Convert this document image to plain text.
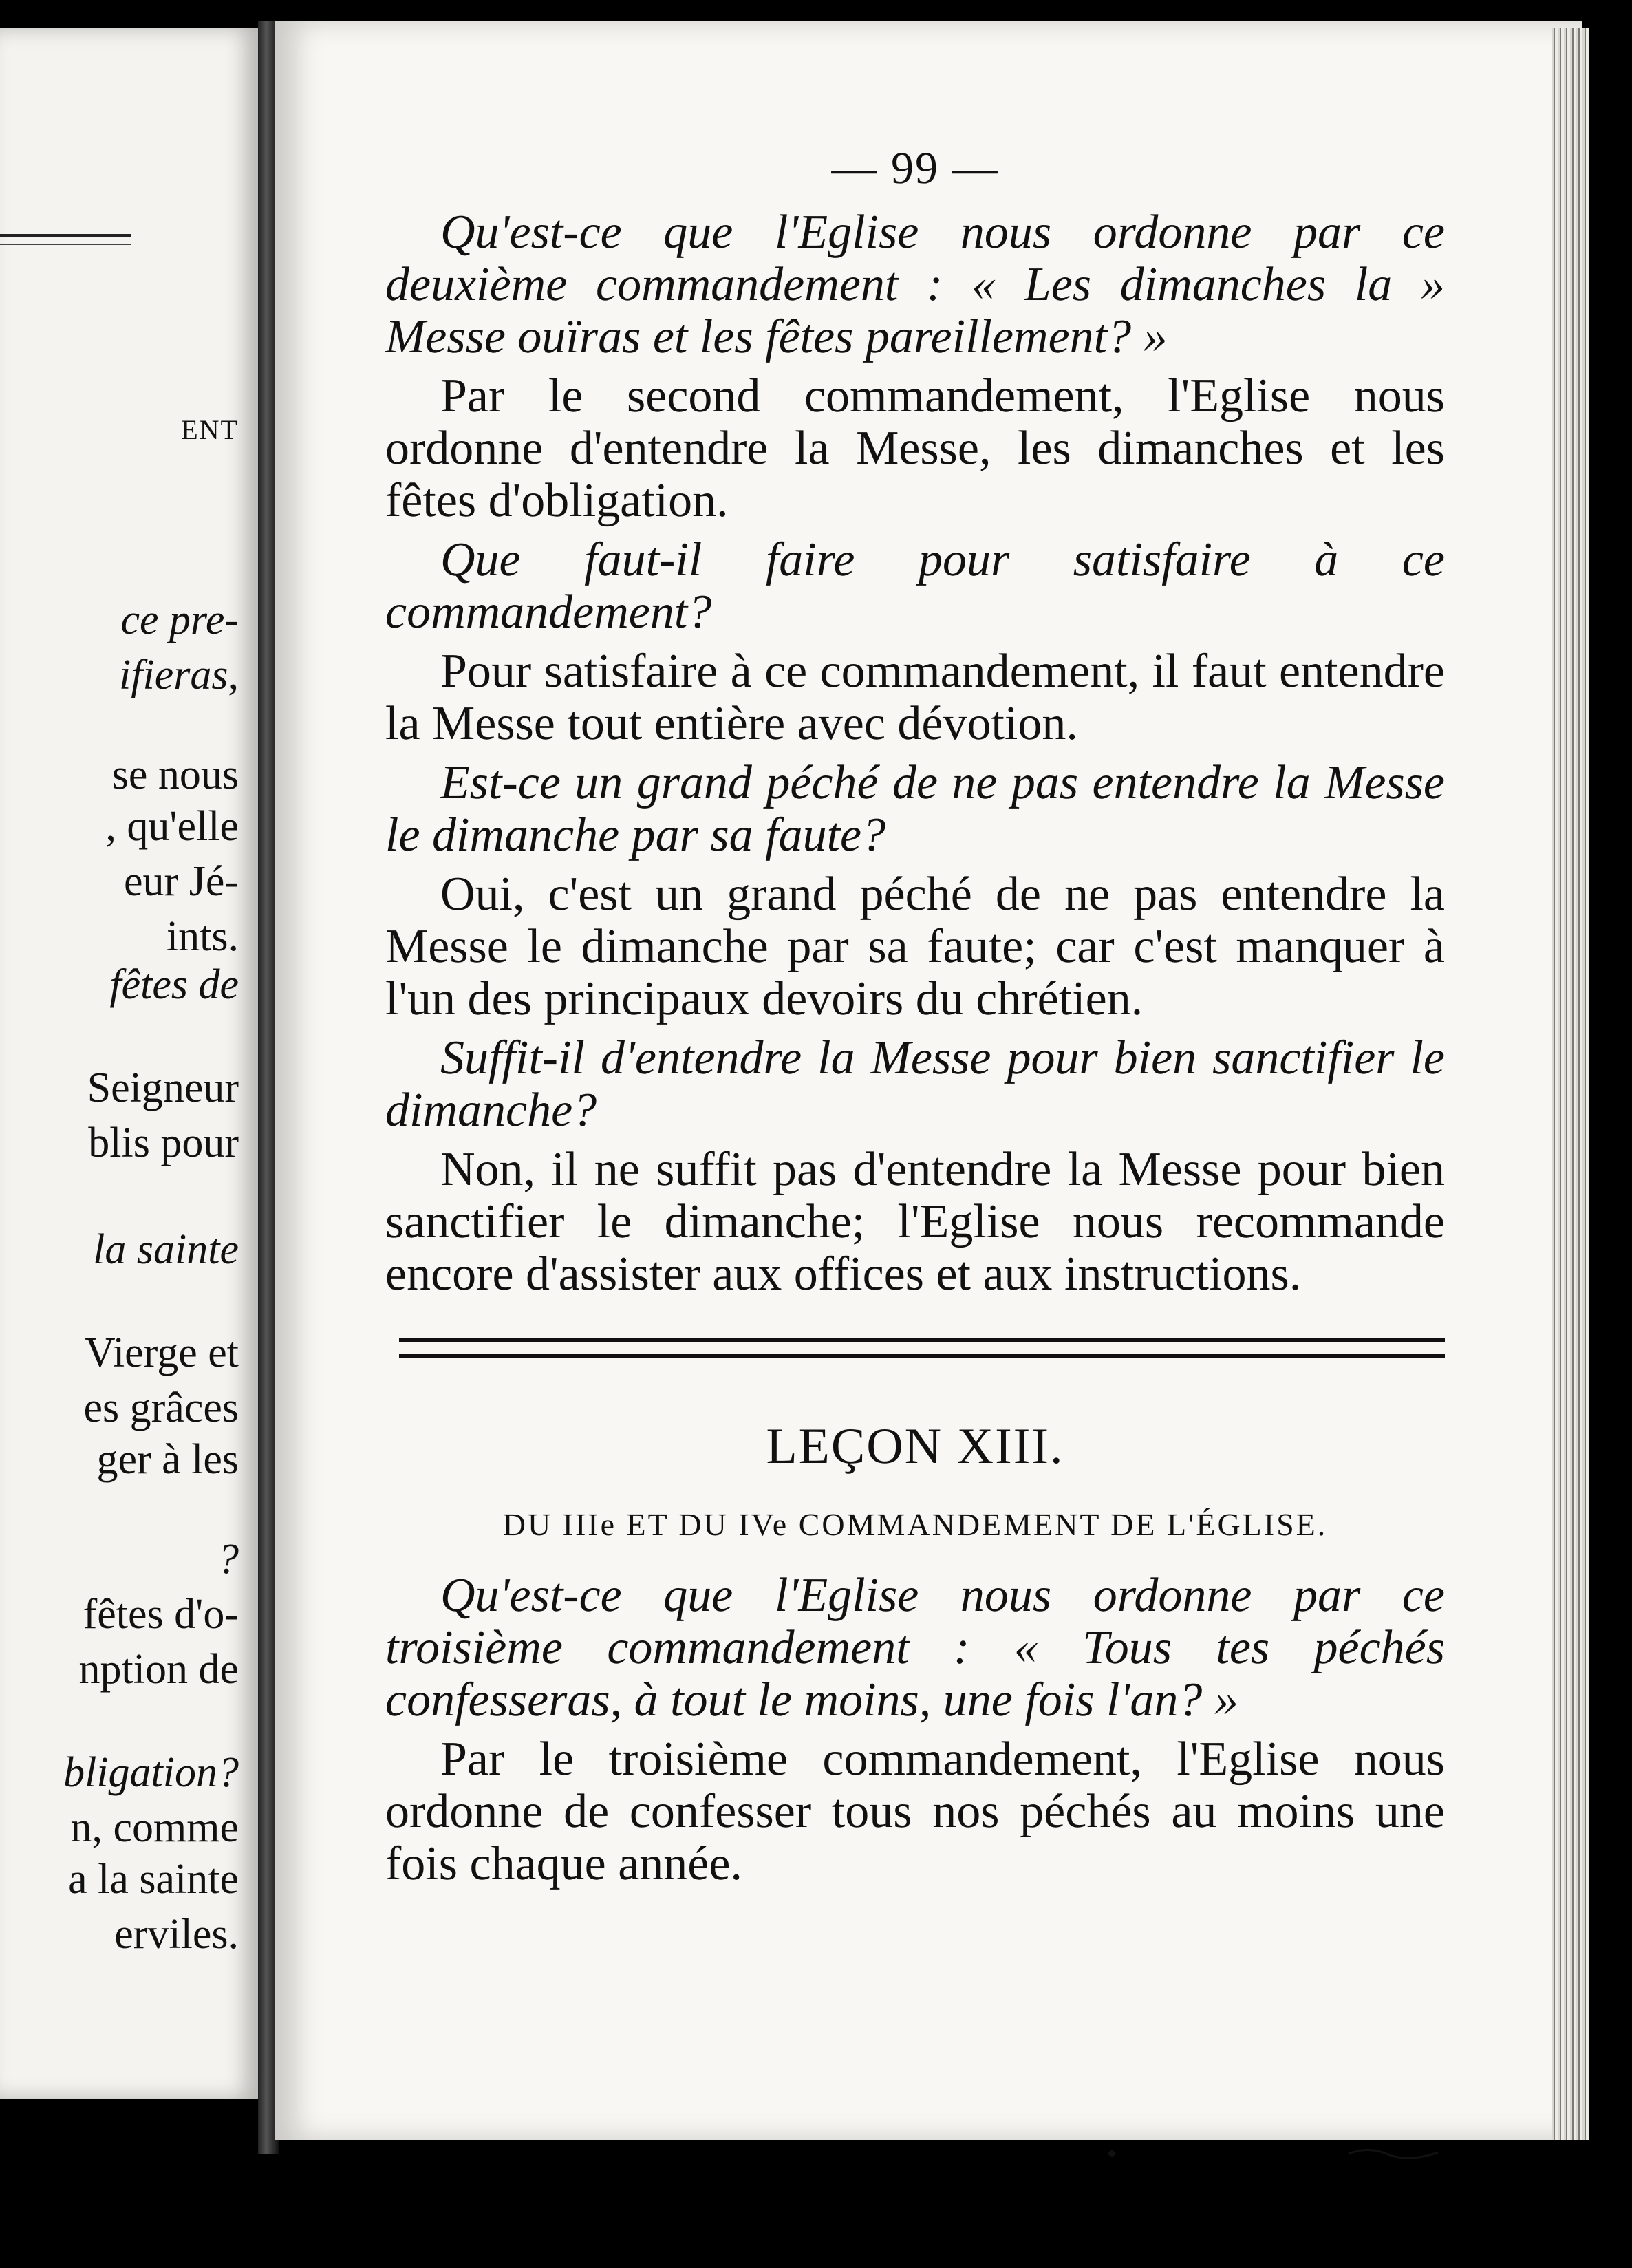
ENT
ce pre-
ifieras,
se nous
, qu'elle
eur Jé-
ints.
fêtes de
Seigneur
blis pour
la sainte
Vierge et
es grâces
ger à les
?
fêtes d'o-
nption de
bligation?
n, comme
a la sainte
erviles.
— 99 —

Qu'est-ce que l'Eglise nous ordonne par ce deuxième commandement : « Les dimanches la » Messe ouïras et les fêtes pareillement? »

Par le second commandement, l'Eglise nous ordonne d'entendre la Messe, les dimanches et les fêtes d'obligation.

Que faut-il faire pour satisfaire à ce commandement?

Pour satisfaire à ce commandement, il faut entendre la Messe tout entière avec dévotion.

Est-ce un grand péché de ne pas entendre la Messe le dimanche par sa faute?

Oui, c'est un grand péché de ne pas entendre la Messe le dimanche par sa faute; car c'est manquer à l'un des principaux devoirs du chrétien.

Suffit-il d'entendre la Messe pour bien sanctifier le dimanche?

Non, il ne suffit pas d'entendre la Messe pour bien sanctifier le dimanche; l'Eglise nous recommande encore d'assister aux offices et aux instructions.

LEÇON XIII.
DU IIIe ET DU IVe COMMANDEMENT DE L'ÉGLISE.

Qu'est-ce que l'Eglise nous ordonne par ce troisième commandement : « Tous tes péchés confesseras, à tout le moins, une fois l'an? »

Par le troisième commandement, l'Eglise nous ordonne de confesser tous nos péchés au moins une fois chaque année.
